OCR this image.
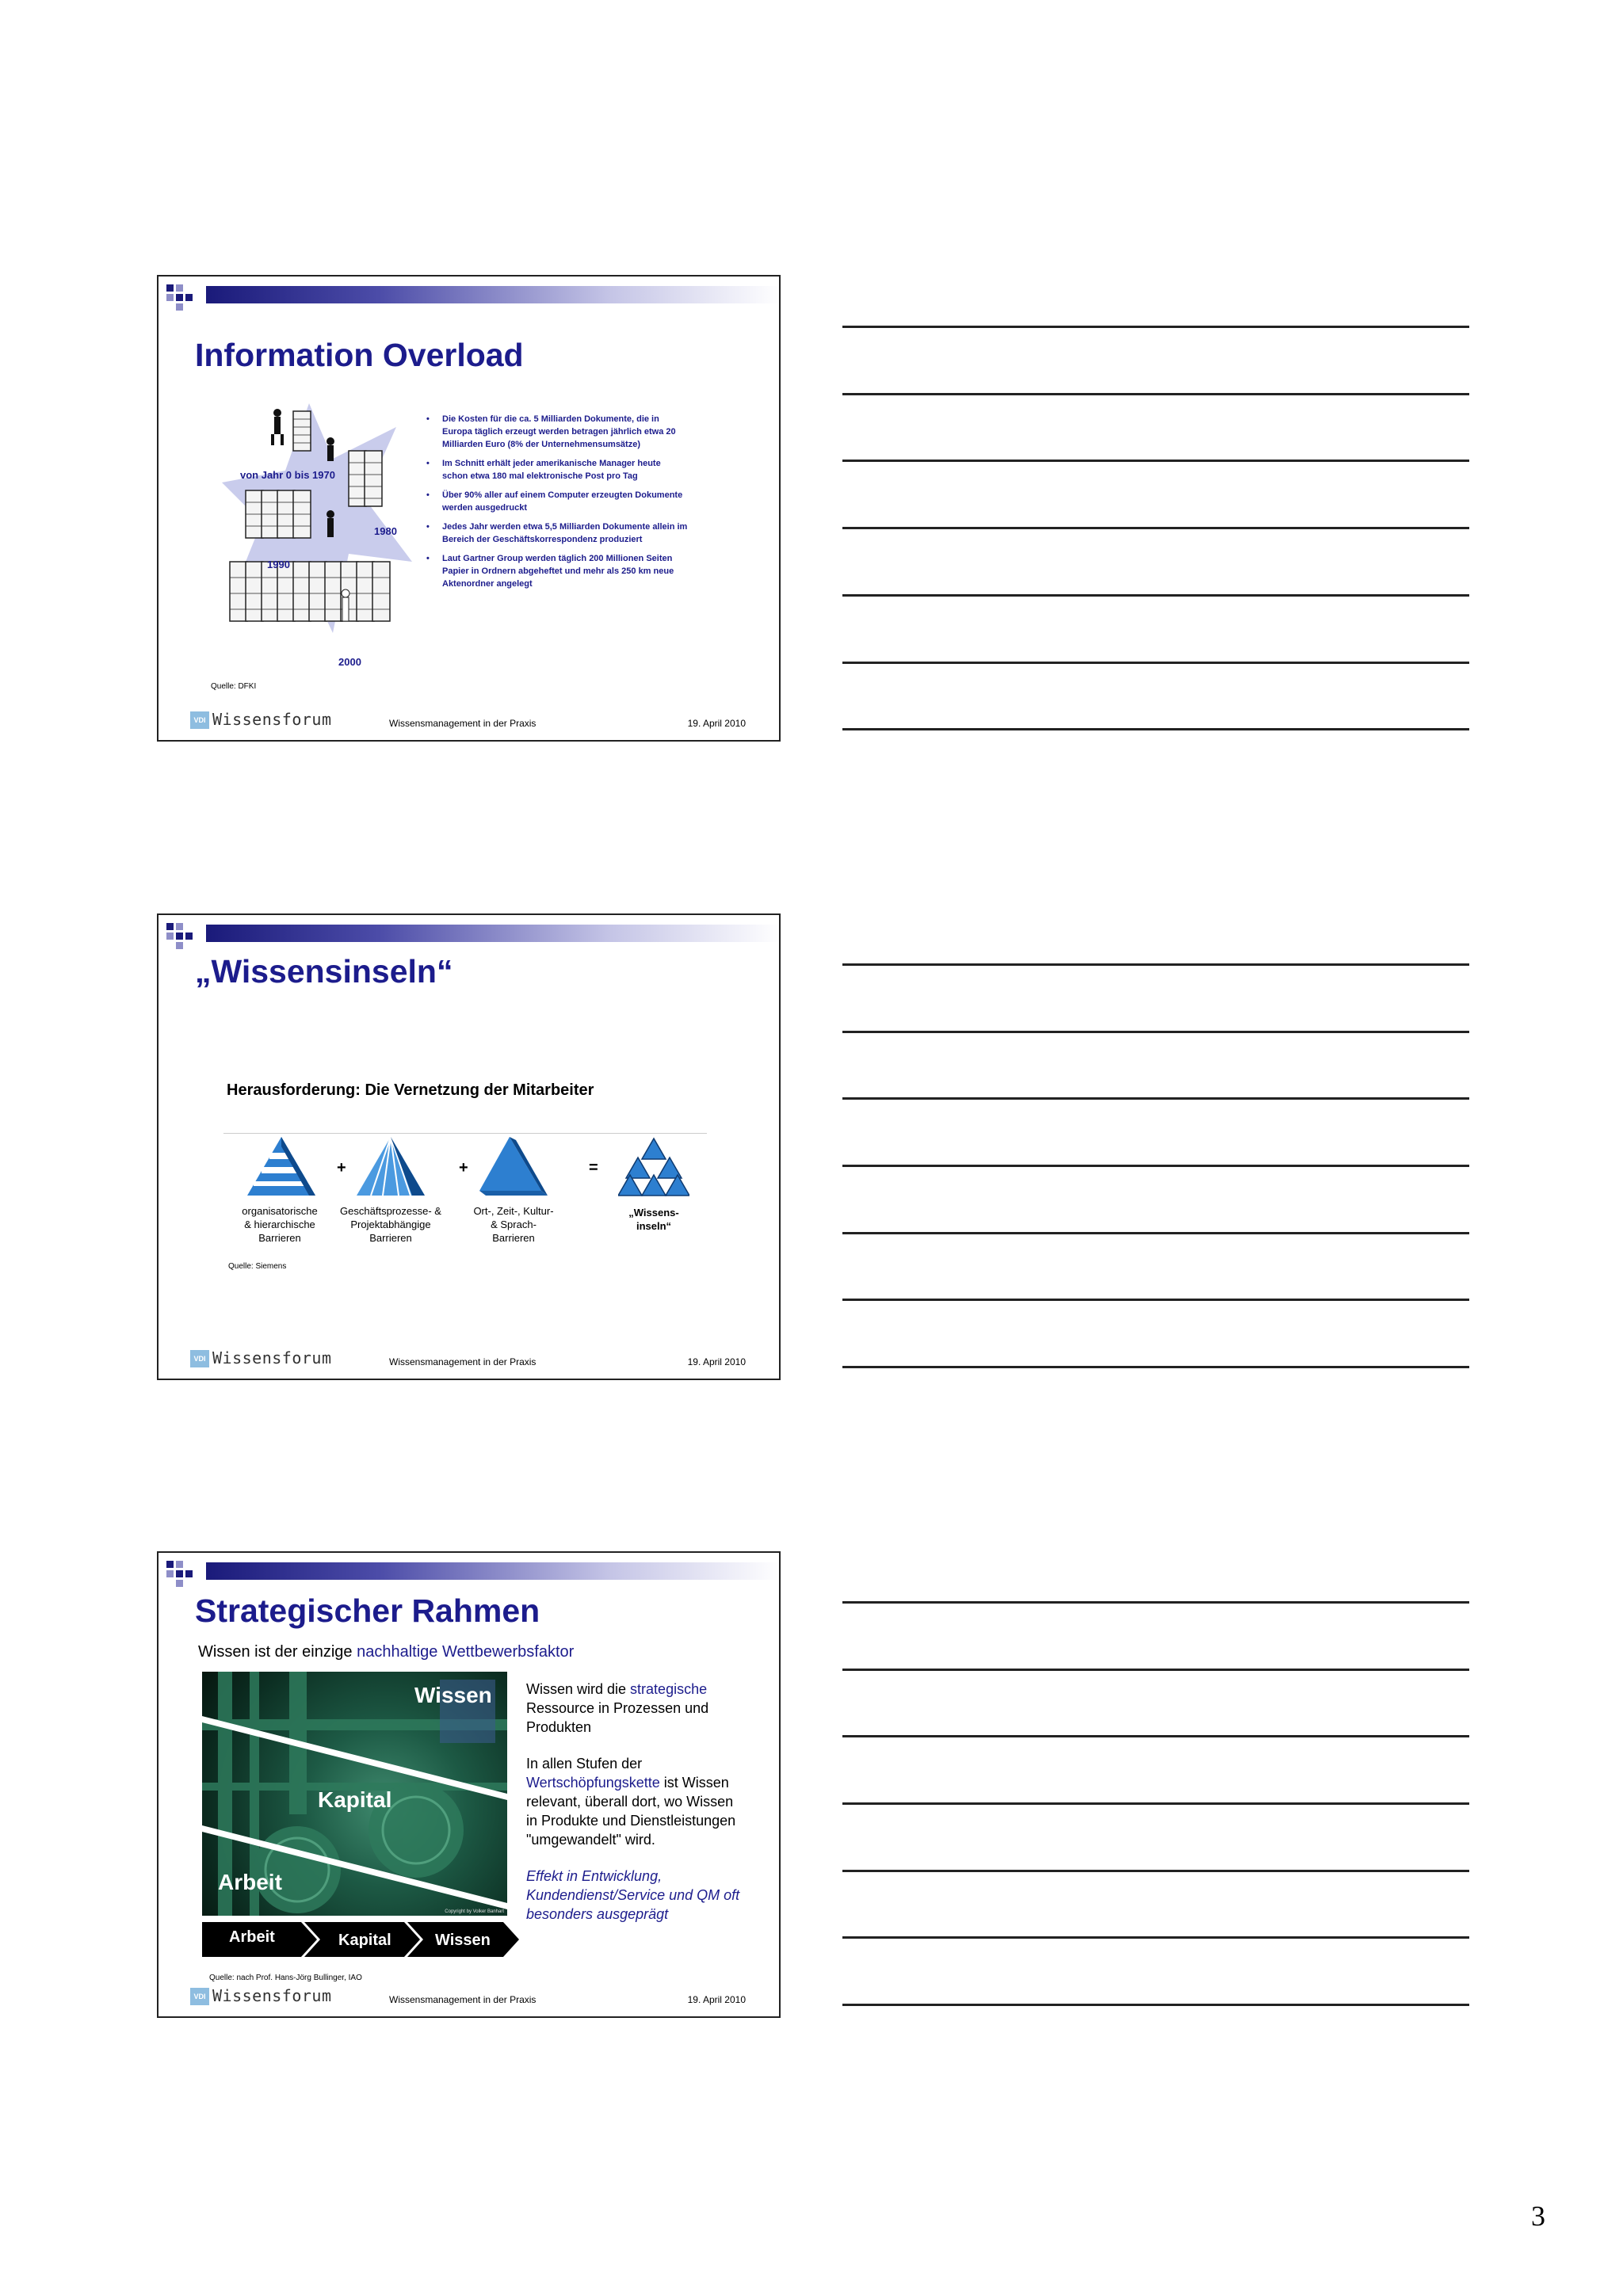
Information Overload
von Jahr 0 bis 1970
1980
1990
2000
• Die Kosten für die ca. 5 Milliarden Dokumente, die in Europa täglich erzeugt werden betragen jährlich etwa 20 Milliarden Euro (8% der Unternehmensumsätze)
• Im Schnitt erhält jeder amerikanische Manager heute schon etwa 180 mal elektronische Post pro Tag
• Über 90% aller auf einem Computer erzeugten Dokumente werden ausgedruckt
• Jedes Jahr werden etwa 5,5 Milliarden Dokumente allein im Bereich der Geschäftskorrespondenz produziert
• Laut Gartner Group werden täglich 200 Millionen Seiten Papier in Ordnern abgeheftet und mehr als 250 km neue Aktenordner angelegt
Quelle: DFKI
VDI Wissensforum	Wissensmanagement in der Praxis	19. April 2010
„Wissensinseln“
Herausforderung: Die Vernetzung der Mitarbeiter
+	+	=
organisatorische
& hierarchische
Barrieren
Geschäftsprozesse- &
Projektabhängige
Barrieren
Ort-, Zeit-, Kultur-
& Sprach-
Barrieren
„Wissens-
inseln“
Quelle: Siemens
VDI Wissensforum	Wissensmanagement in der Praxis	19. April 2010
Strategischer Rahmen
Wissen ist der einzige nachhaltige Wettbewerbsfaktor
Wissen
Kapital
Arbeit
Copyright by Volker Banhart
Arbeit	Kapital	Wissen
Wissen wird die strategische
Ressource in Prozessen und Produkten
In allen Stufen der
Wertschöpfungskette ist Wissen relevant, überall dort, wo Wissen in Produkte und Dienstleistungen "umgewandelt" wird.
Effekt in Entwicklung, Kundendienst/Service und QM oft besonders ausgeprägt
Quelle: nach Prof. Hans-Jörg Bullinger, IAO
VDI Wissensforum	Wissensmanagement in der Praxis	19. April 2010
3
